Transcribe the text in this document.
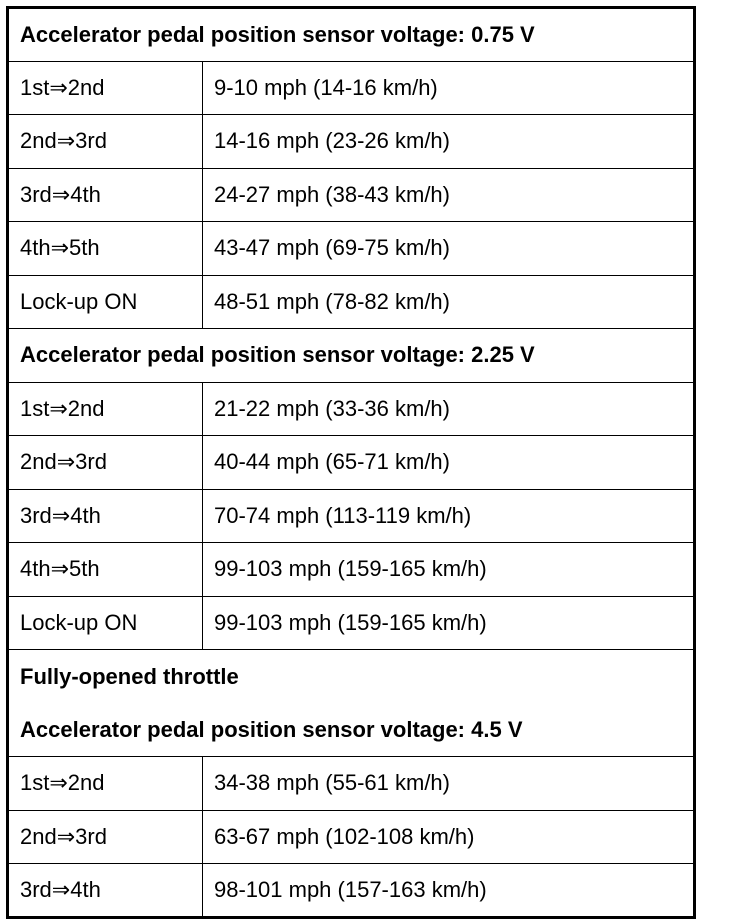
Accelerator pedal position sensor voltage: 0.75 V	

1st⇒2nd	9-10 mph (14-16 km/h)
2nd⇒3rd	14-16 mph (23-26 km/h)
3rd⇒4th	24-27 mph (38-43 km/h)
4th⇒5th	43-47 mph (69-75 km/h)
Lock-up ON	48-51 mph (78-82 km/h)

Accelerator pedal position sensor voltage: 2.25 V	

1st⇒2nd	21-22 mph (33-36 km/h)
2nd⇒3rd	40-44 mph (65-71 km/h)
3rd⇒4th	70-74 mph (113-119 km/h)
4th⇒5th	99-103 mph (159-165 km/h)
Lock-up ON	99-103 mph (159-165 km/h)

Fully-opened throttle
Accelerator pedal position sensor voltage: 4.5 V	

1st⇒2nd	34-38 mph (55-61 km/h)
2nd⇒3rd	63-67 mph (102-108 km/h)
3rd⇒4th	98-101 mph (157-163 km/h)
